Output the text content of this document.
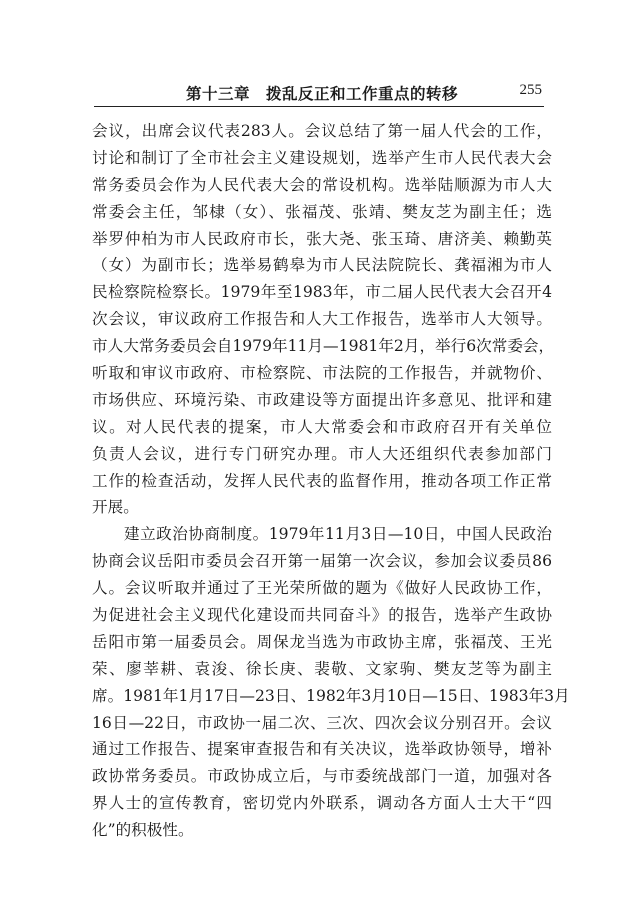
第十三章 拨乱反正和工作重点的转移	255
会议，出席会议代表283人。会议总结了第一届人代会的工作，
讨论和制订了全市社会主义建设规划，选举产生市人民代表大会
常务委员会作为人民代表大会的常设机构。选举陆顺源为市人大
常委会主任，邹棣（女）、张福茂、张靖、樊友芝为副主任；选
举罗仲柏为市人民政府市长，张大尧、张玉琦、唐济美、赖勤英
（女）为副市长；选举易鹤皋为市人民法院院长、龚福湘为市人
民检察院检察长。1979年至1983年，市二届人民代表大会召开4
次会议，审议政府工作报告和人大工作报告，选举市人大领导。
市人大常务委员会自1979年11月—1981年2月，举行6次常委会，
听取和审议市政府、市检察院、市法院的工作报告，并就物价、
市场供应、环境污染、市政建设等方面提出许多意见、批评和建
议。对人民代表的提案，市人大常委会和市政府召开有关单位
负责人会议，进行专门研究办理。市人大还组织代表参加部门
工作的检查活动，发挥人民代表的监督作用，推动各项工作正常
开展。
建立政治协商制度。1979年11月3日—10日，中国人民政治
协商会议岳阳市委员会召开第一届第一次会议，参加会议委员86
人。会议听取并通过了王光荣所做的题为《做好人民政协工作，
为促进社会主义现代化建设而共同奋斗》的报告，选举产生政协
岳阳市第一届委员会。周保龙当选为市政协主席，张福茂、王光
荣、廖莘耕、袁浚、徐长庚、裴敬、文家驹、樊友芝等为副主
席。1981年1月17日—23日、1982年3月10日—15日、1983年3月
16日—22日，市政协一届二次、三次、四次会议分别召开。会议
通过工作报告、提案审查报告和有关决议，选举政协领导，增补
政协常务委员。市政协成立后，与市委统战部门一道，加强对各
界人士的宣传教育，密切党内外联系，调动各方面人士大干“四
化”的积极性。
